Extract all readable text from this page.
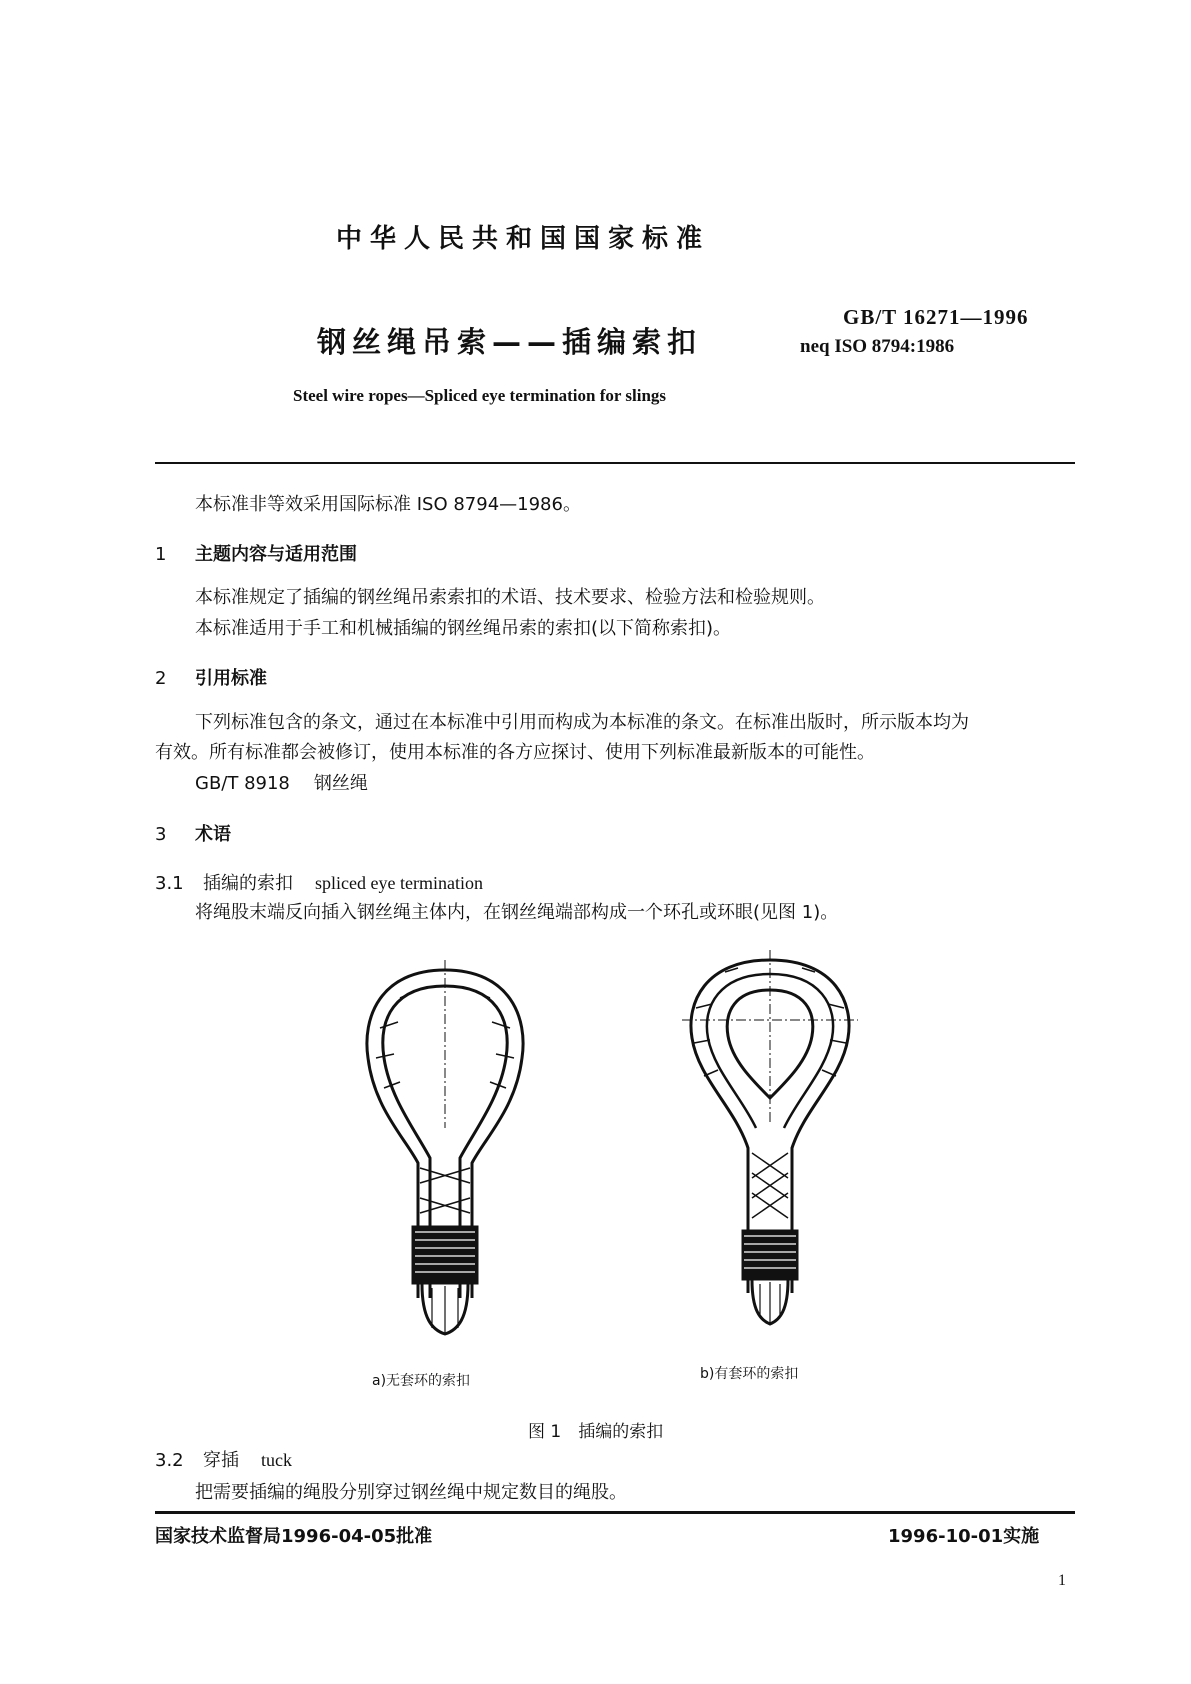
中华人民共和国国家标准
钢丝绳吊索——插编索扣
GB/T 16271—1996
neq ISO 8794:1986
Steel wire ropes—Spliced eye termination for slings
本标准非等效采用国际标准 ISO 8794—1986。
1 主题内容与适用范围
本标准规定了插编的钢丝绳吊索索扣的术语、技术要求、检验方法和检验规则。
本标准适用于手工和机械插编的钢丝绳吊索的索扣(以下简称索扣)。
2 引用标准
下列标准包含的条文，通过在本标准中引用而构成为本标准的条文。在标准出版时，所示版本均为
有效。所有标准都会被修订，使用本标准的各方应探讨、使用下列标准最新版本的可能性。
GB/T 8918 钢丝绳
3 术语
3.1 插编的索扣 spliced eye termination
将绳股末端反向插入钢丝绳主体内，在钢丝绳端部构成一个环孔或环眼(见图 1)。
a)无套环的索扣	b)有套环的索扣
图 1　插编的索扣
3.2 穿插 tuck
把需要插编的绳股分别穿过钢丝绳中规定数目的绳股。
国家技术监督局1996-04-05批准	1996-10-01实施
1
